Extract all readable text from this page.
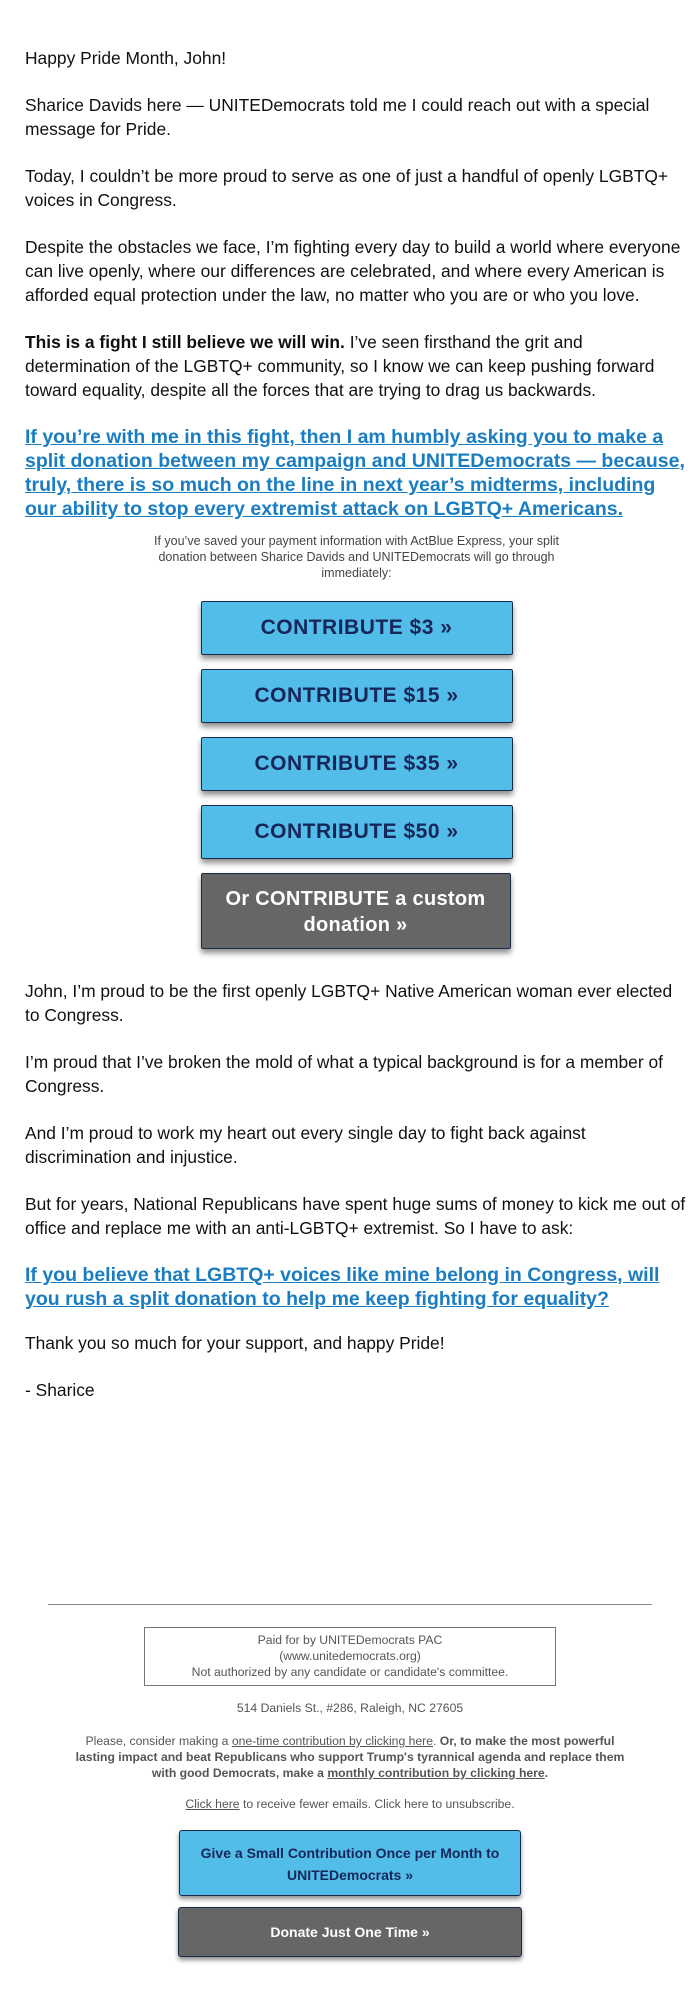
Happy Pride Month, John!

Sharice Davids here — UNITEDemocrats told me I could reach out with a special message for Pride.

Today, I couldn’t be more proud to serve as one of just a handful of openly LGBTQ+ voices in Congress.

Despite the obstacles we face, I’m fighting every day to build a world where everyone can live openly, where our differences are celebrated, and where every American is afforded equal protection under the law, no matter who you are or who you love.

This is a fight I still believe we will win. I’ve seen firsthand the grit and determination of the LGBTQ+ community, so I know we can keep pushing forward toward equality, despite all the forces that are trying to drag us backwards.

If you’re with me in this fight, then I am humbly asking you to make a split donation between my campaign and UNITEDemocrats — because, truly, there is so much on the line in next year’s midterms, including our ability to stop every extremist attack on LGBTQ+ Americans.
If you’ve saved your payment information with ActBlue Express, your split donation between Sharice Davids and UNITEDemocrats will go through immediately:
CONTRIBUTE $3 »
CONTRIBUTE $15 »
CONTRIBUTE $35 »
CONTRIBUTE $50 »
Or CONTRIBUTE a custom
donation »

John, I’m proud to be the first openly LGBTQ+ Native American woman ever elected to Congress.

I’m proud that I’ve broken the mold of what a typical background is for a member of Congress.

And I’m proud to work my heart out every single day to fight back against discrimination and injustice.

But for years, National Republicans have spent huge sums of money to kick me out of office and replace me with an anti-LGBTQ+ extremist. So I have to ask:

If you believe that LGBTQ+ voices like mine belong in Congress, will you rush a split donation to help me keep fighting for equality?

Thank you so much for your support, and happy Pride!

- Sharice

Paid for by UNITEDemocrats PAC
(www.unitedemocrats.org)
Not authorized by any candidate or candidate's committee.
514 Daniels St., #286, Raleigh, NC 27605
Please, consider making a one-time contribution by clicking here. Or, to make the most powerful lasting impact and beat Republicans who support Trump's tyrannical agenda and replace them with good Democrats, make a monthly contribution by clicking here.
Click here to receive fewer emails. Click here to unsubscribe.
Give a Small Contribution Once per Month to
UNITEDemocrats »
Donate Just One Time »
